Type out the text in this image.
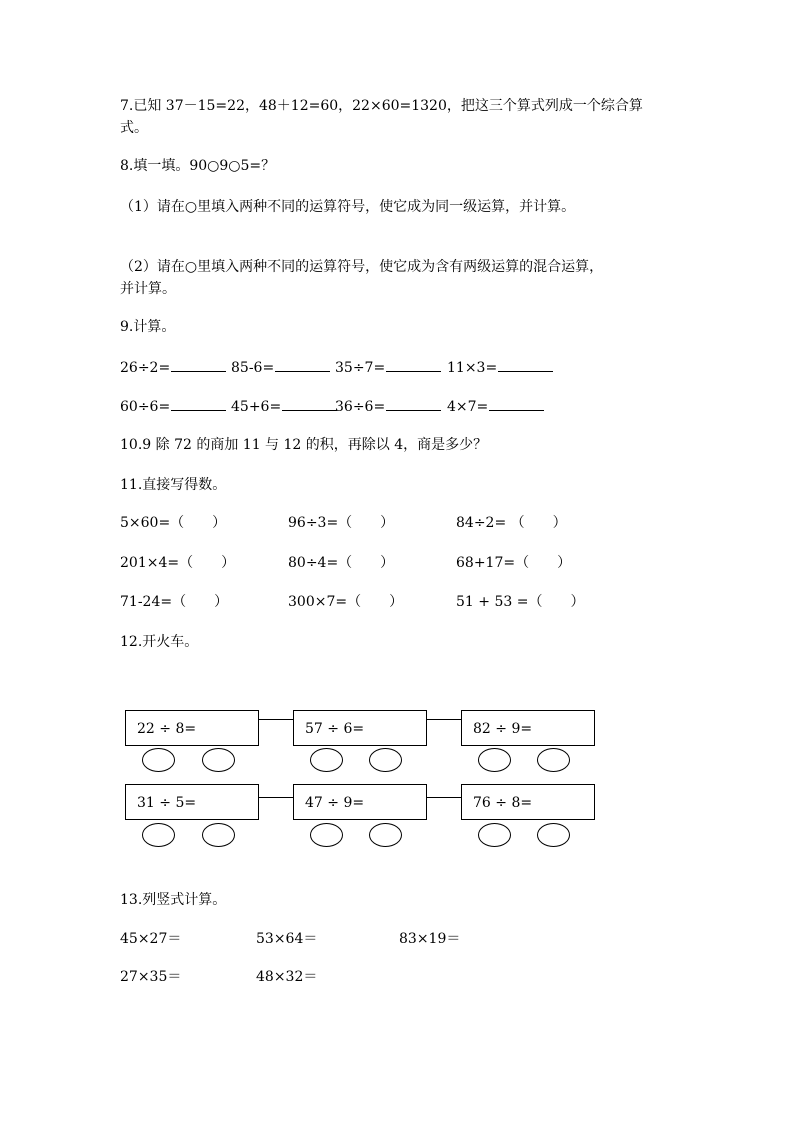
7.已知 37－15=22，48＋12=60，22×60=1320，把这三个算式列成一个综合算
式。
8.填一填。90○9○5=？
（1）请在○里填入两种不同的运算符号，使它成为同一级运算，并计算。
（2）请在○里填入两种不同的运算符号，使它成为含有两级运算的混合运算，
并计算。
9.计算。
26÷2=	85-6=	35÷7=	11×3=
60÷6=	45+6=	36÷6=	4×7=
10.9 除 72 的商加 11 与 12 的积，再除以 4，商是多少？
11.直接写得数。
5×60=（　　）	96÷3=（　　）	84÷2= （　　）
201×4=（　　）	80÷4=（　　）	68+17=（　　）
71-24=（　　）	300×7=（　　）	51 + 53 =（　　）
12.开火车。
22 ÷ 8=	57 ÷ 6=	82 ÷ 9=
31 ÷ 5=	47 ÷ 9=	76 ÷ 8=
13.列竖式计算。
45×27＝	53×64＝	83×19＝
27×35＝	48×32＝
